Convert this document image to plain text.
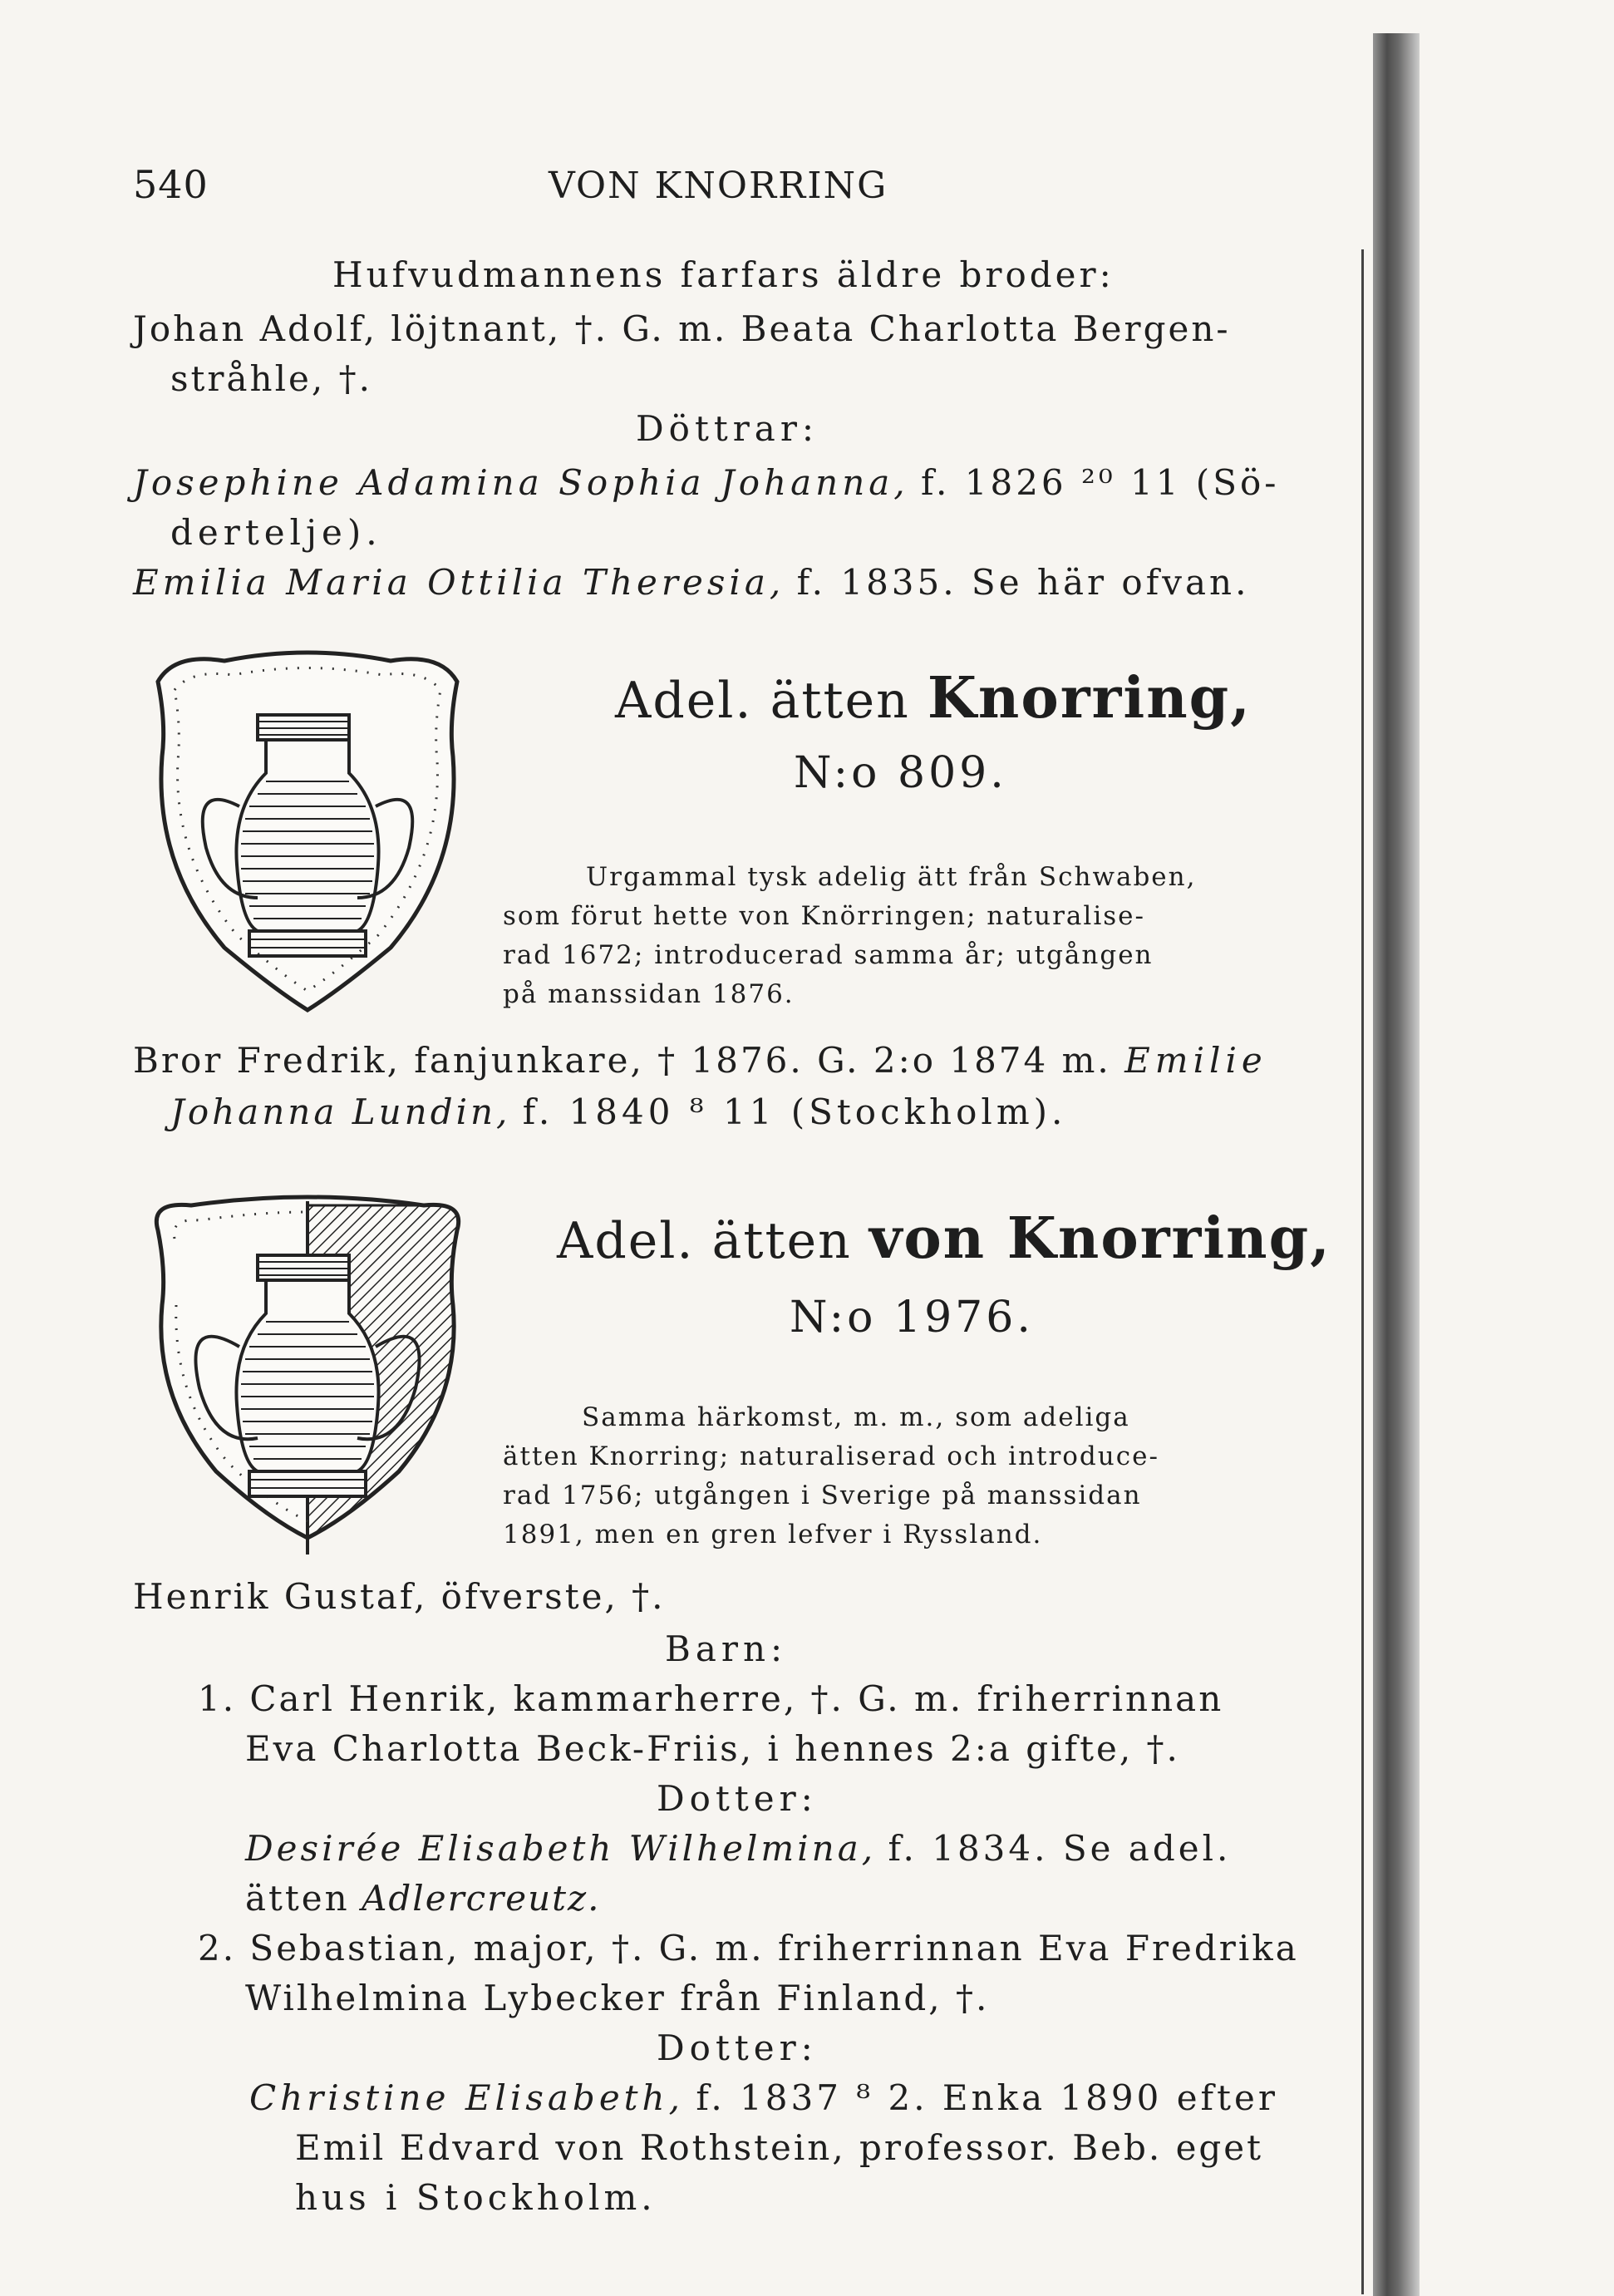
540	VON KNORRING
Hufvudmannens farfars äldre broder:
Johan Adolf, löjtnant, †. G. m. Beata Charlotta Bergen-
stråhle, †.
Döttrar:
Josephine Adamina Sophia Johanna, f. 1826 ²⁰ 11 (Sö-
dertelje).
Emilia Maria Ottilia Theresia, f. 1835. Se här ofvan.
Adel. ätten Knorring,
N:o 809.
Urgammal tysk adelig ätt från Schwaben,
som förut hette von Knörringen; naturalise-
rad 1672; introducerad samma år; utgången
på manssidan 1876.
Bror Fredrik, fanjunkare, † 1876. G. 2:o 1874 m. Emilie
Johanna Lundin, f. 1840 ⁸ 11 (Stockholm).
Adel. ätten von Knorring,
N:o 1976.
Samma härkomst, m. m., som adeliga
ätten Knorring; naturaliserad och introduce-
rad 1756; utgången i Sverige på manssidan
1891, men en gren lefver i Ryssland.
Henrik Gustaf, öfverste, †.
Barn:
1. Carl Henrik, kammarherre, †. G. m. friherrinnan
Eva Charlotta Beck-Friis, i hennes 2:a gifte, †.
Dotter:
Desirée Elisabeth Wilhelmina, f. 1834. Se adel.
ätten Adlercreutz.
2. Sebastian, major, †. G. m. friherrinnan Eva Fredrika
Wilhelmina Lybecker från Finland, †.
Dotter:
Christine Elisabeth, f. 1837 ⁸ 2. Enka 1890 efter
Emil Edvard von Rothstein, professor. Beb. eget
hus i Stockholm.
